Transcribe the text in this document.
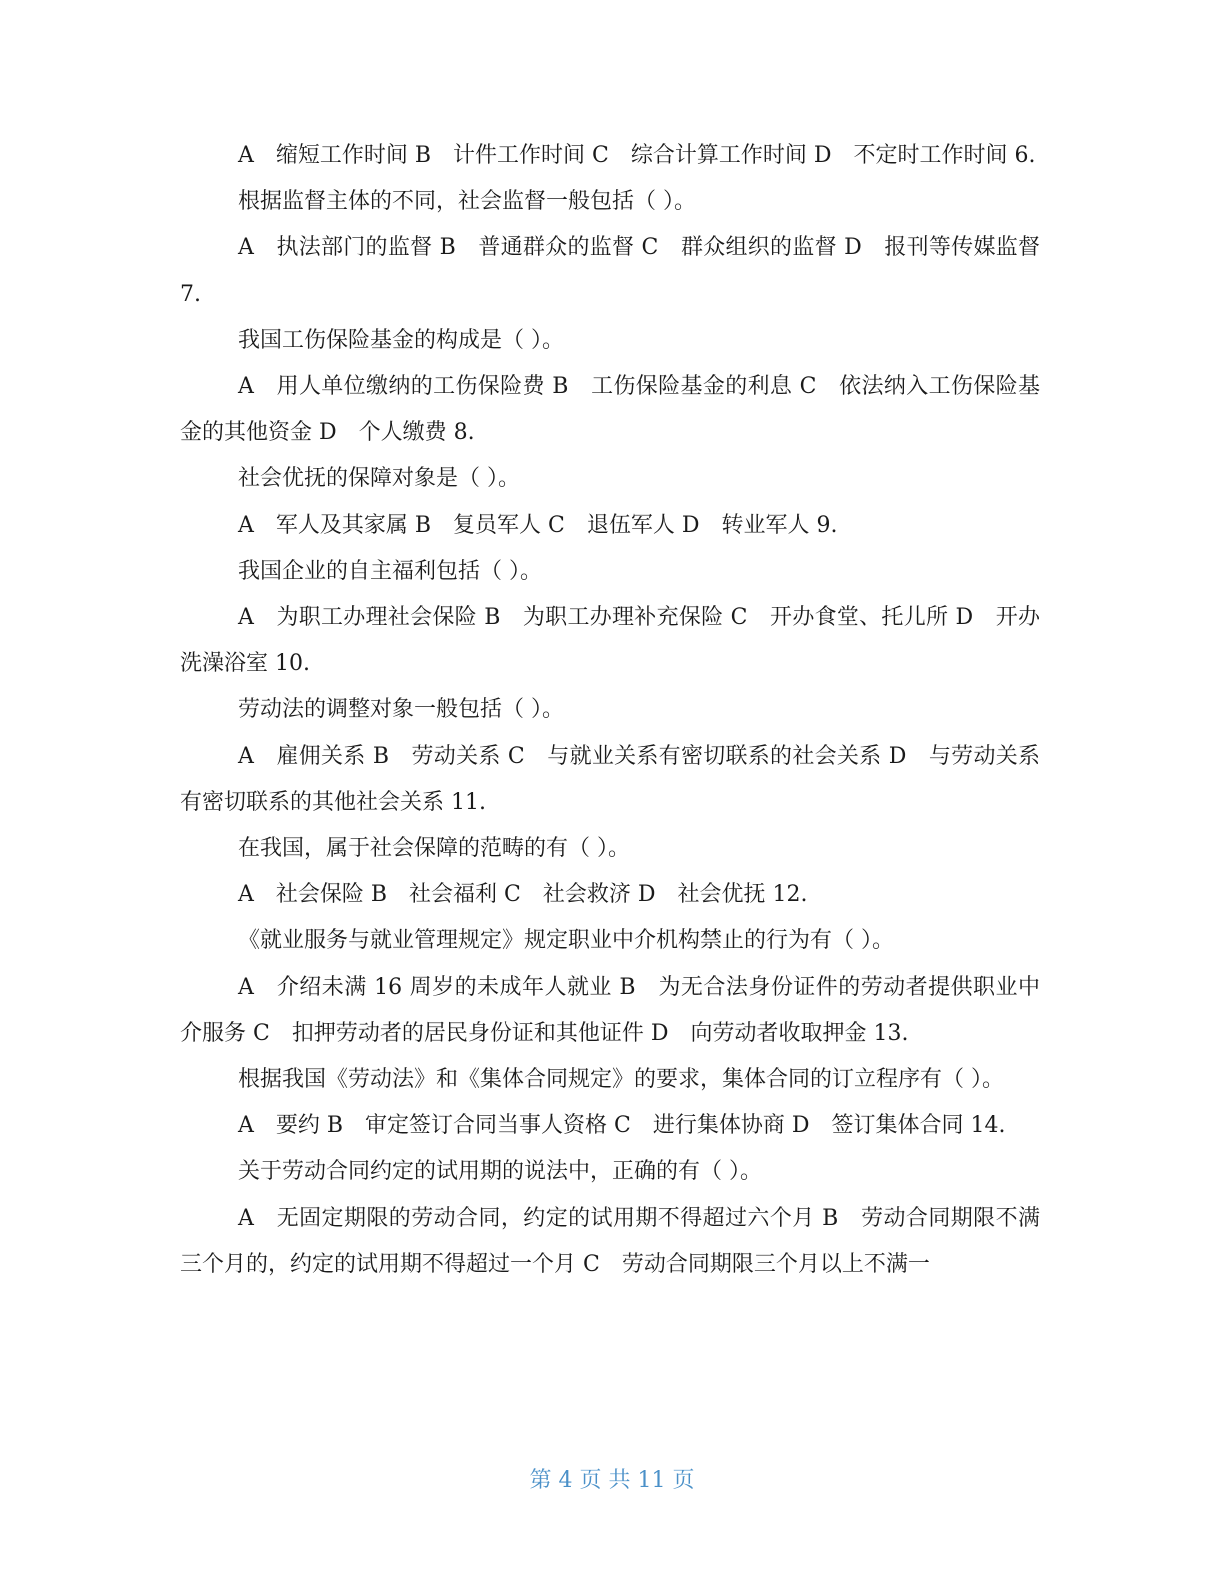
A　缩短工作时间 B　计件工作时间 C　综合计算工作时间 D　不定时工作时间 6.

根据监督主体的不同，社会监督一般包括（ ）。

A　执法部门的监督 B　普通群众的监督 C　群众组织的监督 D　报刊等传媒监督 7.

我国工伤保险基金的构成是（ ）。

A　用人单位缴纳的工伤保险费 B　工伤保险基金的利息 C　依法纳入工伤保险基金的其他资金 D　个人缴费 8.

社会优抚的保障对象是（ ）。

A　军人及其家属 B　复员军人 C　退伍军人 D　转业军人 9.

我国企业的自主福利包括（ ）。

A　为职工办理社会保险 B　为职工办理补充保险 C　开办食堂、托儿所 D　开办洗澡浴室 10.

劳动法的调整对象一般包括（ ）。

A　雇佣关系 B　劳动关系 C　与就业关系有密切联系的社会关系 D　与劳动关系有密切联系的其他社会关系 11.

在我国，属于社会保障的范畴的有（ ）。

A　社会保险 B　社会福利 C　社会救济 D　社会优抚 12.

《就业服务与就业管理规定》规定职业中介机构禁止的行为有（ ）。

A　介绍未满 16 周岁的未成年人就业 B　为无合法身份证件的劳动者提供职业中介服务 C　扣押劳动者的居民身份证和其他证件 D　向劳动者收取押金 13.

根据我国《劳动法》和《集体合同规定》的要求，集体合同的订立程序有（ ）。

A　要约 B　审定签订合同当事人资格 C　进行集体协商 D　签订集体合同 14.

关于劳动合同约定的试用期的说法中，正确的有（ ）。

A　无固定期限的劳动合同，约定的试用期不得超过六个月 B　劳动合同期限不满三个月的，约定的试用期不得超过一个月 C　劳动合同期限三个月以上不满一

第 4 页 共 11 页
